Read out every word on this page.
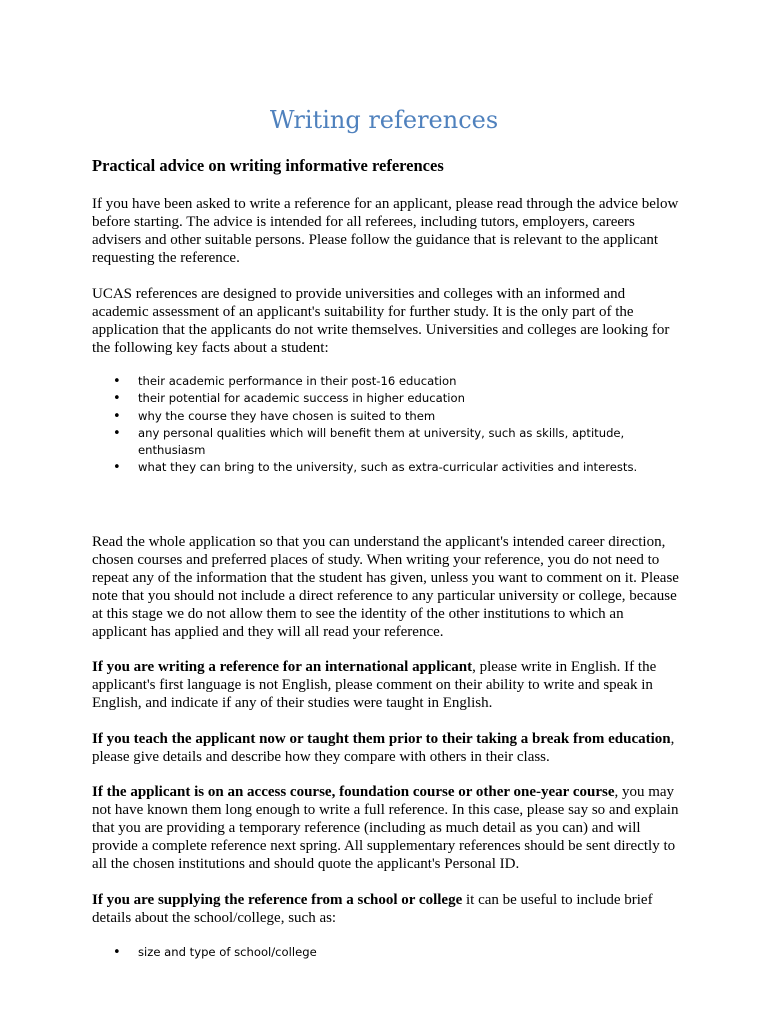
Writing references
Practical advice on writing informative references

If you have been asked to write a reference for an applicant, please read through the advice below before starting. The advice is intended for all referees, including tutors, employers, careers advisers and other suitable persons. Please follow the guidance that is relevant to the applicant requesting the reference.

UCAS references are designed to provide universities and colleges with an informed and academic assessment of an applicant's suitability for further study. It is the only part of the application that the applicants do not write themselves. Universities and colleges are looking for the following key facts about a student:

• their academic performance in their post-16 education
• their potential for academic success in higher education
• why the course they have chosen is suited to them
• any personal qualities which will benefit them at university, such as skills, aptitude, enthusiasm
• what they can bring to the university, such as extra-curricular activities and interests.

Read the whole application so that you can understand the applicant's intended career direction, chosen courses and preferred places of study. When writing your reference, you do not need to repeat any of the information that the student has given, unless you want to comment on it. Please note that you should not include a direct reference to any particular university or college, because at this stage we do not allow them to see the identity of the other institutions to which an applicant has applied and they will all read your reference.

If you are writing a reference for an international applicant, please write in English. If the applicant's first language is not English, please comment on their ability to write and speak in English, and indicate if any of their studies were taught in English.

If you teach the applicant now or taught them prior to their taking a break from education, please give details and describe how they compare with others in their class.

If the applicant is on an access course, foundation course or other one-year course, you may not have known them long enough to write a full reference. In this case, please say so and explain that you are providing a temporary reference (including as much detail as you can) and will provide a complete reference next spring. All supplementary references should be sent directly to all the chosen institutions and should quote the applicant's Personal ID.

If you are supplying the reference from a school or college it can be useful to include brief details about the school/college, such as:

• size and type of school/college
